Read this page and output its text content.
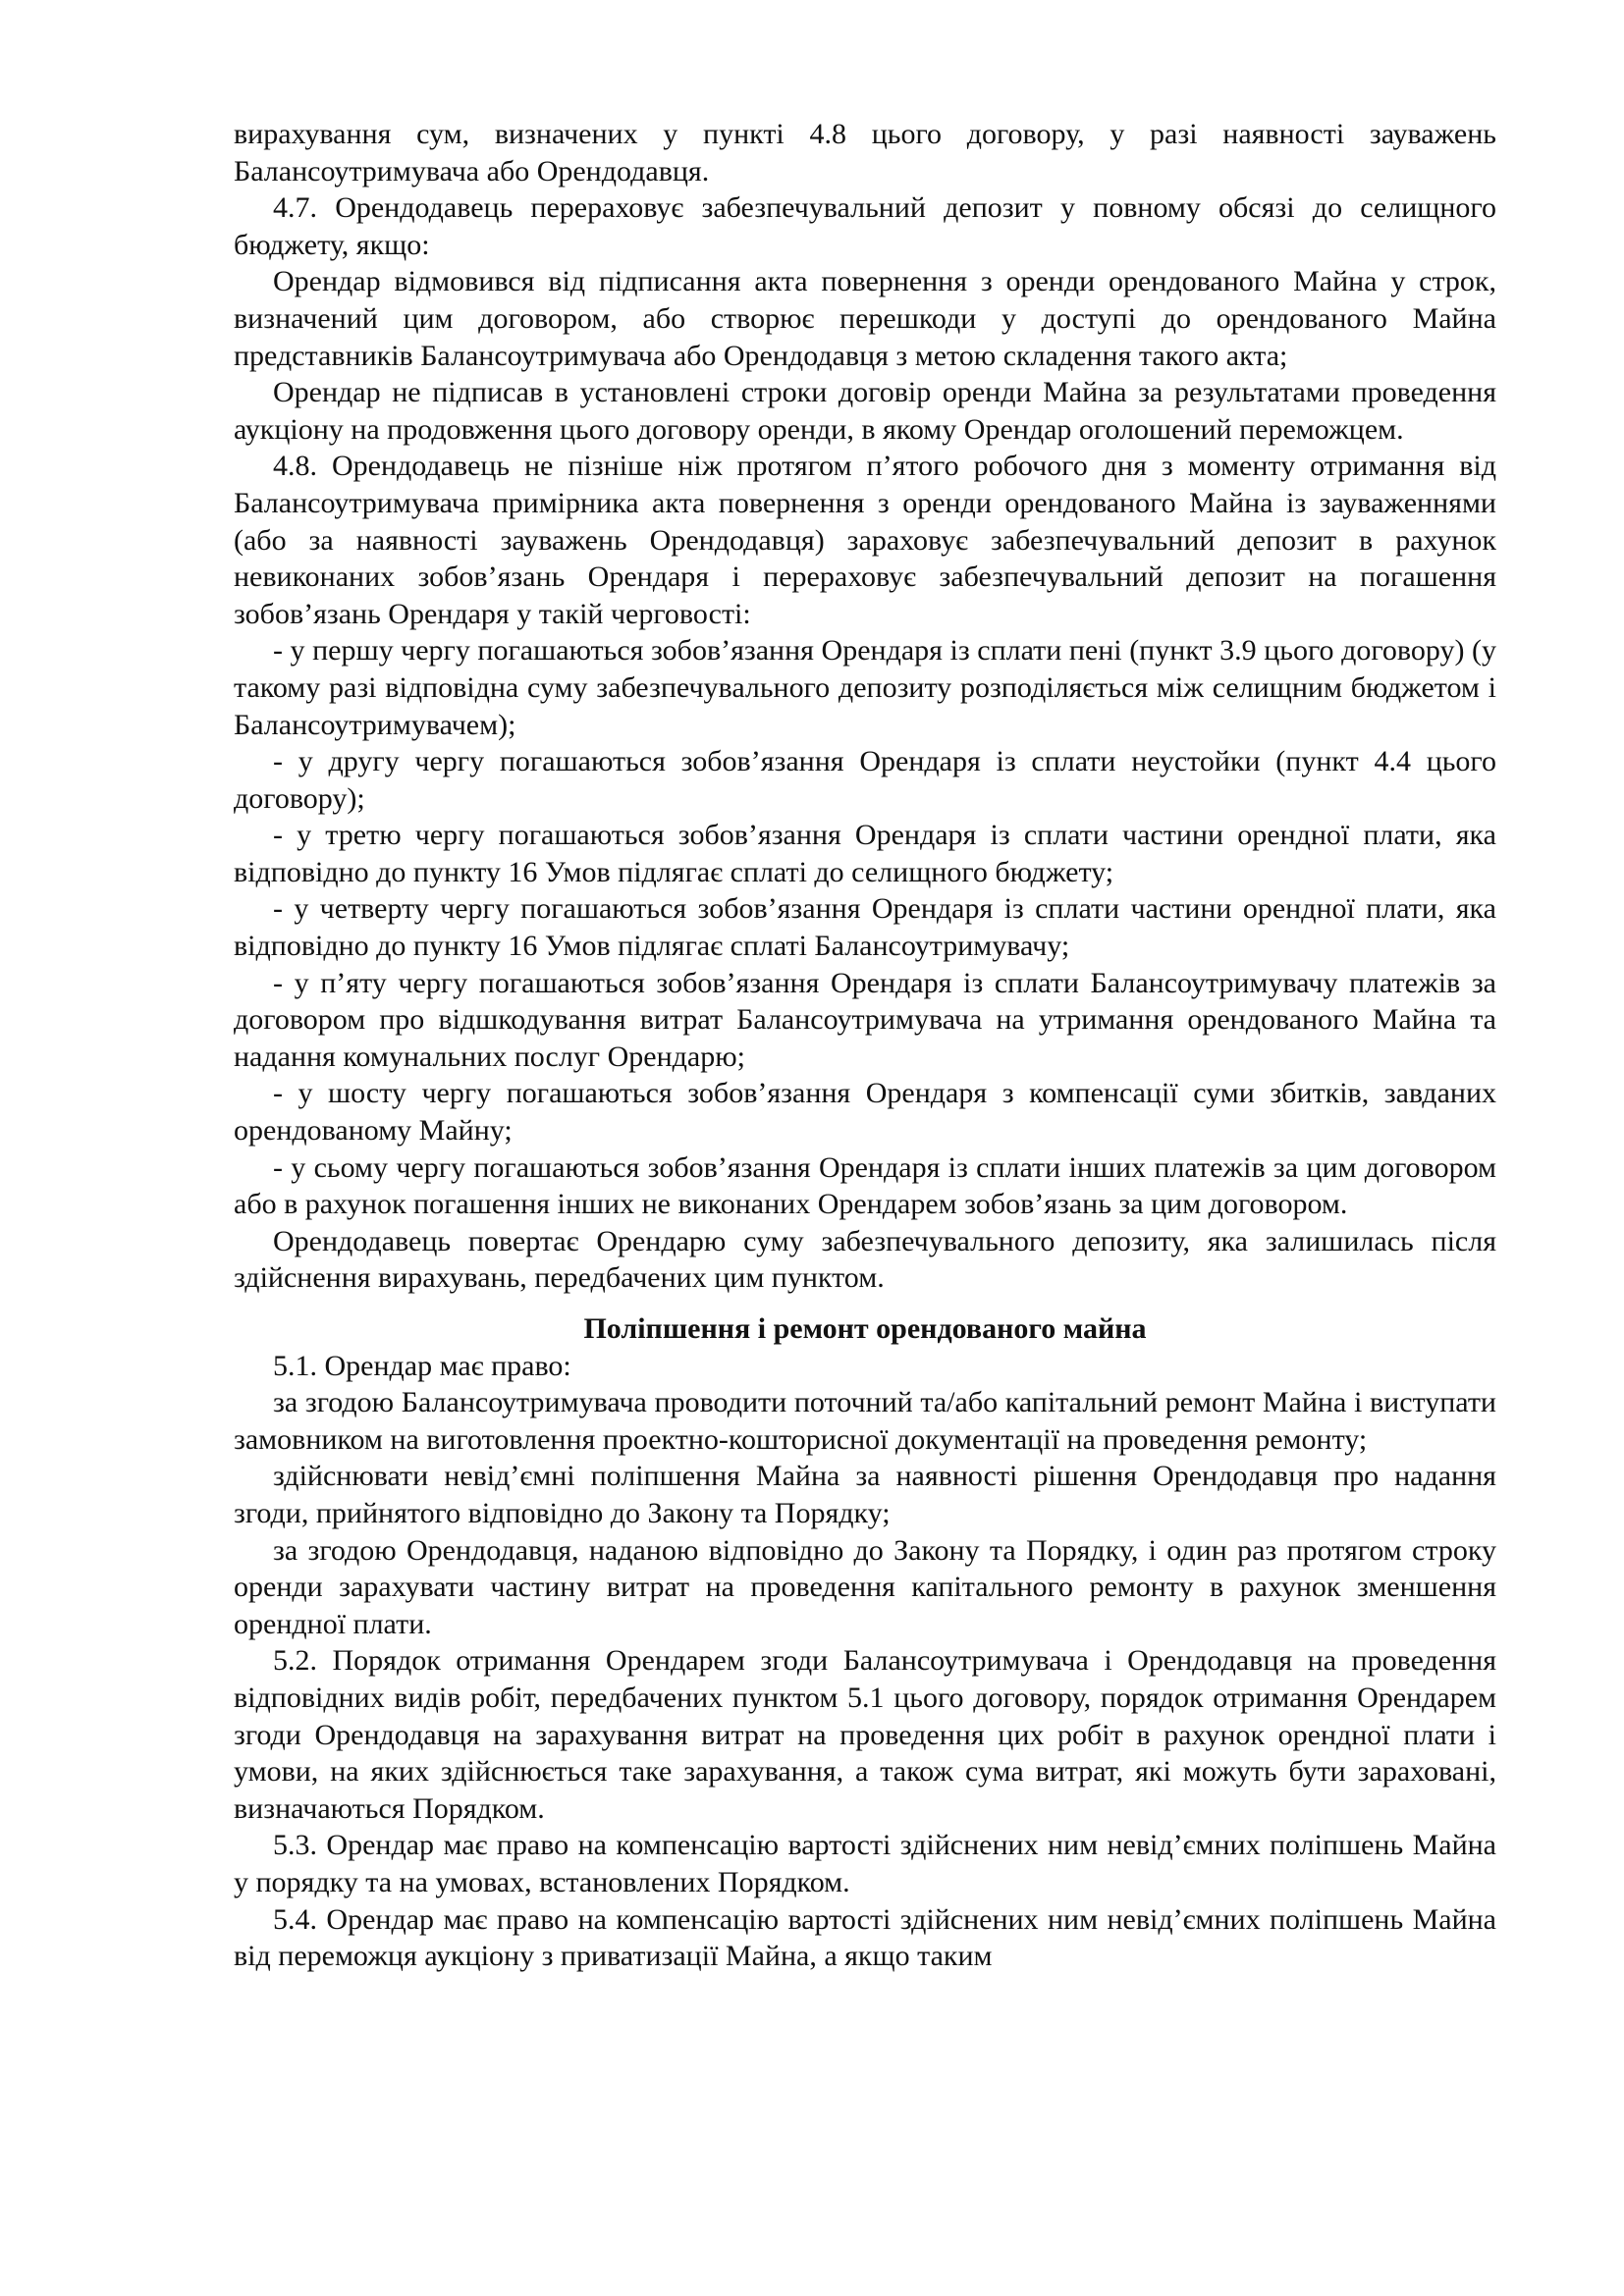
вирахування сум, визначених у пункті 4.8 цього договору, у разі наявності зауважень Балансоутримувача або Орендодавця.

4.7. Орендодавець перераховує забезпечувальний депозит у повному обсязі до селищного бюджету, якщо:

Орендар відмовився від підписання акта повернення з оренди орендованого Майна у строк, визначений цим договором, або створює перешкоди у доступі до орендованого Майна представників Балансоутримувача або Орендодавця з метою складення такого акта;

Орендар не підписав в установлені строки договір оренди Майна за результатами проведення аукціону на продовження цього договору оренди, в якому Орендар оголошений переможцем.

4.8. Орендодавець не пізніше ніж протягом п’ятого робочого дня з моменту отримання від Балансоутримувача примірника акта повернення з оренди орендованого Майна із зауваженнями (або за наявності зауважень Орендодавця) зараховує забезпечувальний депозит в рахунок невиконаних зобов’язань Орендаря і перераховує забезпечувальний депозит на погашення зобов’язань Орендаря у такій черговості:

- у першу чергу погашаються зобов’язання Орендаря із сплати пені (пункт 3.9 цього договору) (у такому разі відповідна суму забезпечувального депозиту розподіляється між селищним бюджетом і Балансоутримувачем);

- у другу чергу погашаються зобов’язання Орендаря із сплати неустойки (пункт 4.4 цього договору);

- у третю чергу погашаються зобов’язання Орендаря із сплати частини орендної плати, яка відповідно до пункту 16 Умов підлягає сплаті до селищного бюджету;

- у четверту чергу погашаються зобов’язання Орендаря із сплати частини орендної плати, яка відповідно до пункту 16 Умов підлягає сплаті Балансоутримувачу;

- у п’яту чергу погашаються зобов’язання Орендаря із сплати Балансоутримувачу платежів за договором про відшкодування витрат Балансоутримувача на утримання орендованого Майна та надання комунальних послуг Орендарю;

- у шосту чергу погашаються зобов’язання Орендаря з компенсації суми збитків, завданих орендованому Майну;

- у сьому чергу погашаються зобов’язання Орендаря із сплати інших платежів за цим договором або в рахунок погашення інших не виконаних Орендарем зобов’язань за цим договором.

Орендодавець повертає Орендарю суму забезпечувального депозиту, яка залишилась після здійснення вирахувань, передбачених цим пунктом.

Поліпшення і ремонт орендованого майна

5.1. Орендар має право:

за згодою Балансоутримувача проводити поточний та/або капітальний ремонт Майна і виступати замовником на виготовлення проектно-кошторисної документації на проведення ремонту;

здійснювати невід’ємні поліпшення Майна за наявності рішення Орендодавця про надання згоди, прийнятого відповідно до Закону та Порядку;

за згодою Орендодавця, наданою відповідно до Закону та Порядку, і один раз протягом строку оренди зарахувати частину витрат на проведення капітального ремонту в рахунок зменшення орендної плати.

5.2. Порядок отримання Орендарем згоди Балансоутримувача і Орендодавця на проведення відповідних видів робіт, передбачених пунктом 5.1 цього договору, порядок отримання Орендарем згоди Орендодавця на зарахування витрат на проведення цих робіт в рахунок орендної плати і умови, на яких здійснюється таке зарахування, а також сума витрат, які можуть бути зараховані, визначаються Порядком.

5.3. Орендар має право на компенсацію вартості здійснених ним невід’ємних поліпшень Майна у порядку та на умовах, встановлених Порядком.

5.4. Орендар має право на компенсацію вартості здійснених ним невід’ємних поліпшень Майна від переможця аукціону з приватизації Майна, а якщо таким
